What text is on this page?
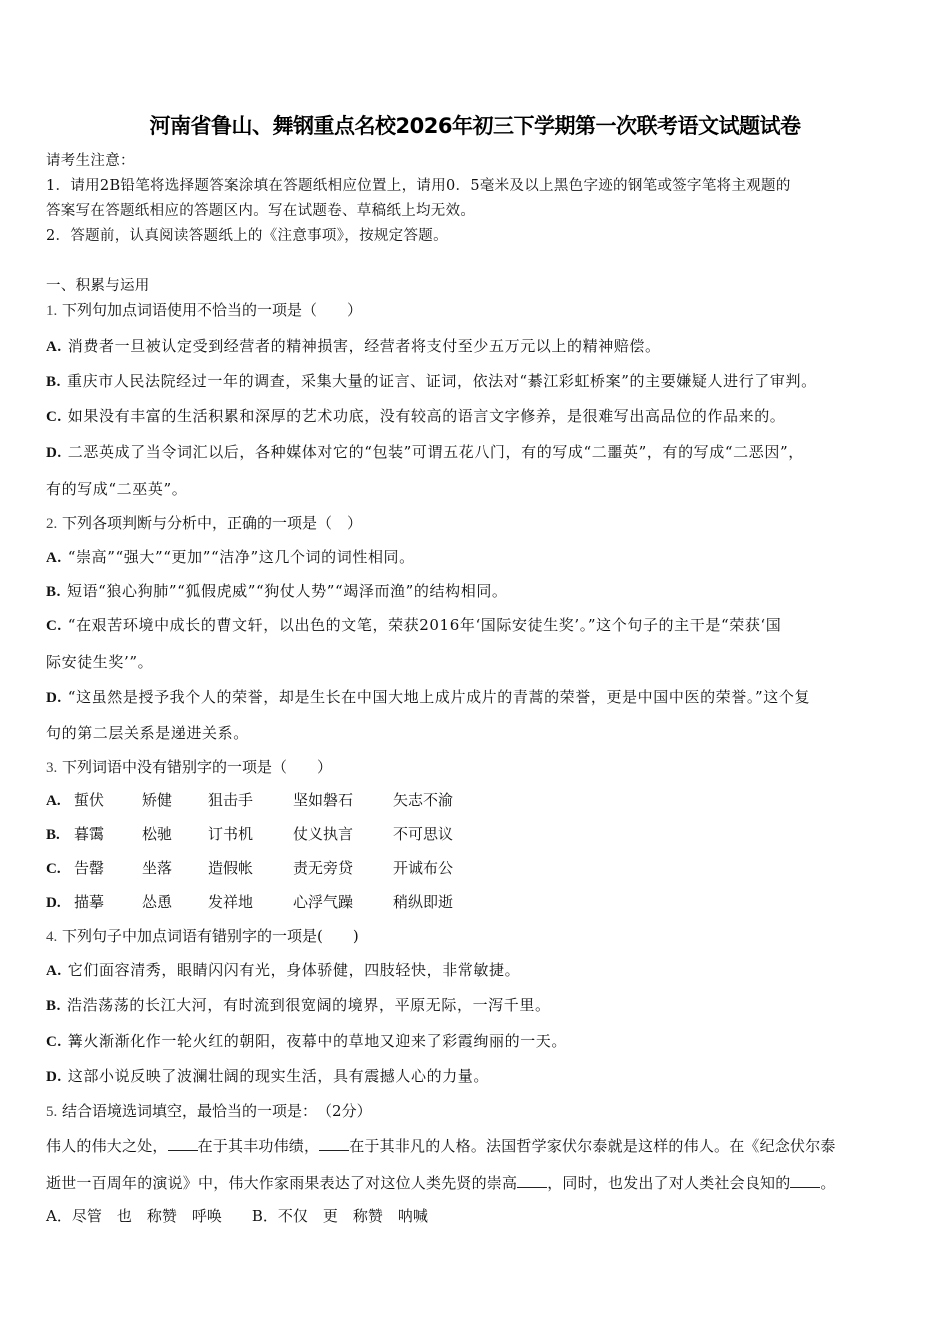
河南省鲁山、舞钢重点名校2026年初三下学期第一次联考语文试题试卷
请考生注意：
1．请用2B铅笔将选择题答案涂填在答题纸相应位置上，请用0．5毫米及以上黑色字迹的钢笔或签字笔将主观题的
答案写在答题纸相应的答题区内。写在试题卷、草稿纸上均无效。
2．答题前，认真阅读答题纸上的《注意事项》，按规定答题。
一、积累与运用
1. 下列句加点词语使用不恰当的一项是（　　）
A. 消费者一旦被认定受到经营者的精神损害，经营者将支付至少五万元以上的精神赔偿。
B. 重庆市人民法院经过一年的调查，采集大量的证言、证词，依法对“綦江彩虹桥案”的主要嫌疑人进行了审判。
C. 如果没有丰富的生活积累和深厚的艺术功底，没有较高的语言文字修养，是很难写出高品位的作品来的。
D. 二恶英成了当令词汇以后，各种媒体对它的“包装”可谓五花八门，有的写成“二噩英”，有的写成“二恶因”，
有的写成“二巫英”。
2. 下列各项判断与分析中，正确的一项是（　）
A. “崇高”“强大”“更加”“洁净”这几个词的词性相同。
B. 短语“狼心狗肺”“狐假虎威”“狗仗人势”“竭泽而渔”的结构相同。
C. “在艰苦环境中成长的曹文轩，以出色的文笔，荣获2016年‘国际安徒生奖’。”这个句子的主干是“荣获‘国
际安徒生奖’”。
D. “这虽然是授予我个人的荣誉，却是生长在中国大地上成片成片的青蒿的荣誉，更是中国中医的荣誉。”这个复
句的第二层关系是递进关系。
3. 下列词语中没有错别字的一项是（　　）
A. 蜇伏	矫健 狙击手	坚如磐石	矢志不渝
B. 暮霭	松驰 订书机	仗义执言	不可思议
C. 告罄	坐落 造假帐	责无旁贷	开诚布公
D. 描摹	怂恿 发祥地	心浮气躁	稍纵即逝
4. 下列句子中加点词语有错别字的一项是(　　)
A. 它们面容清秀，眼睛闪闪有光，身体骄健，四肢轻快，非常敏捷。
B. 浩浩荡荡的长江大河，有时流到很宽阔的境界，平原无际，一泻千里。
C. 篝火渐渐化作一轮火红的朝阳，夜幕中的草地又迎来了彩霞绚丽的一天。
D. 这部小说反映了波澜壮阔的现实生活，具有震撼人心的力量。
5. 结合语境选词填空，最恰当的一项是：　（2分）
伟人的伟大之处， 在于其丰功伟绩， 在于其非凡的人格。法国哲学家伏尔泰就是这样的伟人。在《纪念伏尔泰
逝世一百周年的演说》中，伟大作家雨果表达了对这位人类先贤的崇高 ，同时，也发出了对人类社会良知的 。
A．尽管　也　称赞　呼唤　　B．不仅　更　称赞　呐喊
